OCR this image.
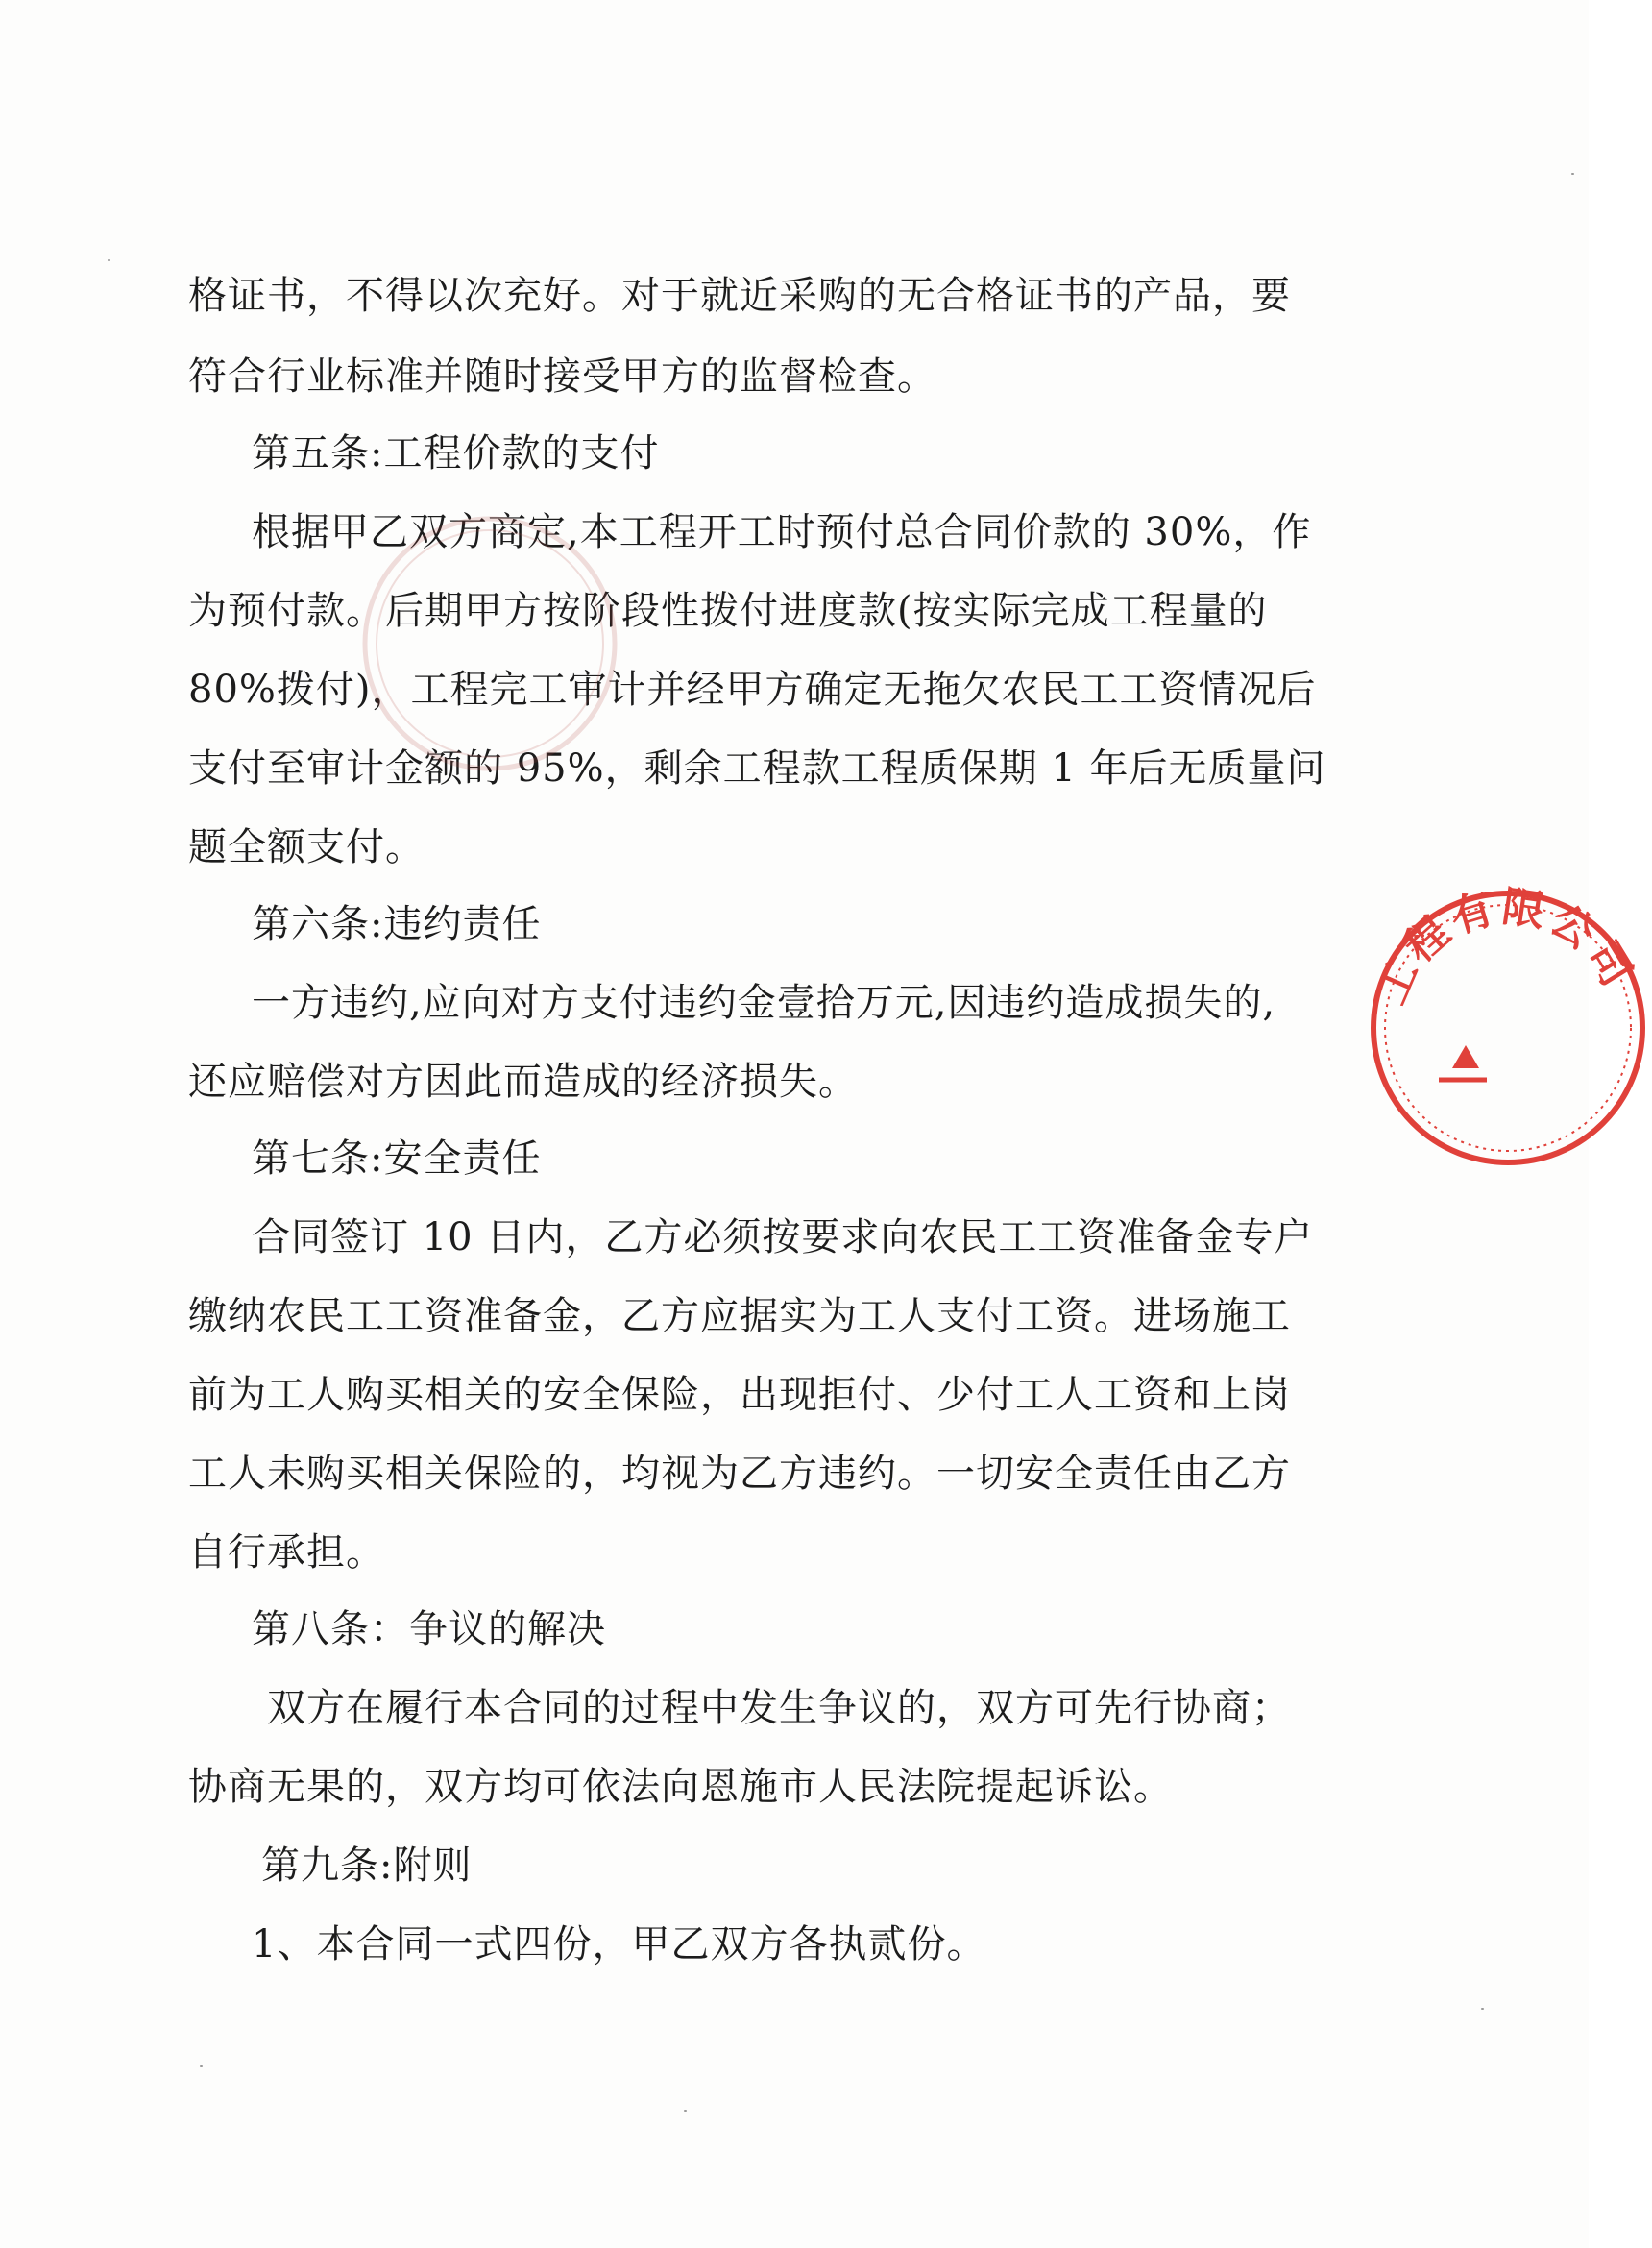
格证书，不得以次充好。对于就近采购的无合格证书的产品，要
符合行业标准并随时接受甲方的监督检查。
第五条:工程价款的支付
根据甲乙双方商定,本工程开工时预付总合同价款的 30%，作
为预付款。后期甲方按阶段性拨付进度款(按实际完成工程量的
80%拨付)，工程完工审计并经甲方确定无拖欠农民工工资情况后
支付至审计金额的 95%，剩余工程款工程质保期 1 年后无质量问
题全额支付。
第六条:违约责任
一方违约,应向对方支付违约金壹拾万元,因违约造成损失的,
还应赔偿对方因此而造成的经济损失。
第七条:安全责任
合同签订 10 日内，乙方必须按要求向农民工工资准备金专户
缴纳农民工工资准备金，乙方应据实为工人支付工资。进场施工
前为工人购买相关的安全保险，出现拒付、少付工人工资和上岗
工人未购买相关保险的，均视为乙方违约。一切安全责任由乙方
自行承担。
第八条：争议的解决
双方在履行本合同的过程中发生争议的，双方可先行协商；
协商无果的，双方均可依法向恩施市人民法院提起诉讼。
第九条:附则
1、本合同一式四份，甲乙双方各执贰份。
工程有限公司
